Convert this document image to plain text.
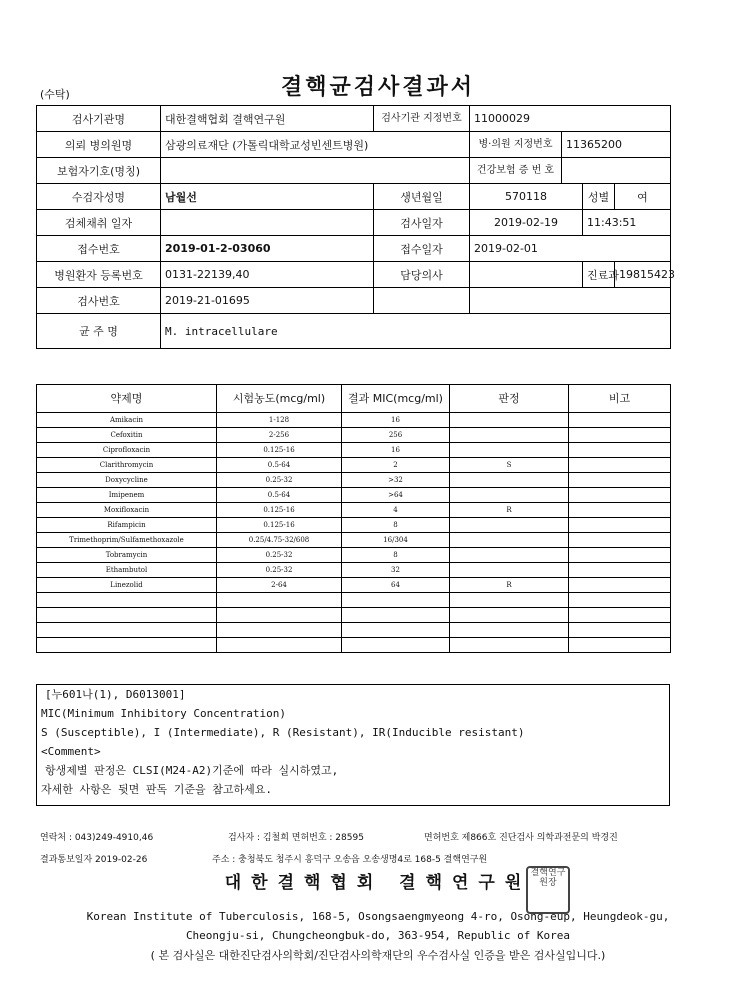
(수탁)	결핵균검사결과서
검사기관명	대한결핵협회 결핵연구원	검사기관 지정번호	11000029			
의뢰 병의원명	삼광의료재단 (가톨릭대학교성빈센트병원)		병·의원 지정번호	11365200		
보험자기호(명칭)			건강보험 증 번 호			
수검자성명	남월선	생년월일	570118		성별	여
검체채취 일자		검사일자	2019-02-19		11:43:51	
접수번호	2019-01-2-03060	접수일자	2019-02-01			
병원환자 등록번호	0131-22139,40	담당의사			진료과	19815423
검사번호	2019-21-01695					
균 주 명	M. intracellulare					
약제명	시험농도(mcg/ml)	결과 MIC(mcg/ml)	판정	비고
Amikacin	1-128	16		
Cefoxitin	2-256	256		
Ciprofloxacin	0.125-16	16		
Clarithromycin	0.5-64	2	S	
Doxycycline	0.25-32	>32		
Imipenem	0.5-64	>64		
Moxifloxacin	0.125-16	4	R	
Rifampicin	0.125-16	8		
Trimethoprim/Sulfamethoxazole	0.25/4.75-32/608	16/304		
Tobramycin	0.25-32	8		
Ethambutol	0.25-32	32		
Linezolid	2-64	64	R	

[누601나(1), D6013001]
MIC(Minimum Inhibitory Concentration)
S (Susceptible), I (Intermediate), R (Resistant), IR(Inducible resistant)
<Comment>
항생제별 판정은 CLSI(M24-A2)기준에 따라 실시하였고,
자세한 사항은 뒷면 판독 기준을 참고하세요.
연락처 : 043)249-4910,46	검사자 : 김철희 면허번호 : 28595	면허번호 제866호 진단검사 의학과전문의 박경진
결과통보일자 2019-02-26	주소 : 충청북도 청주시 흥덕구 오송읍 오송생명4로 168-5 결핵연구원
대한결핵협회 결핵연구원 결핵연구원장
Korean Institute of Tuberculosis, 168-5, Osongsaengmyeong 4-ro, Osong-eup, Heungdeok-gu,
Cheongju-si, Chungcheongbuk-do, 363-954, Republic of Korea
( 본 검사실은 대한진단검사의학회/진단검사의학재단의 우수검사실 인증을 받은 검사실입니다.)
